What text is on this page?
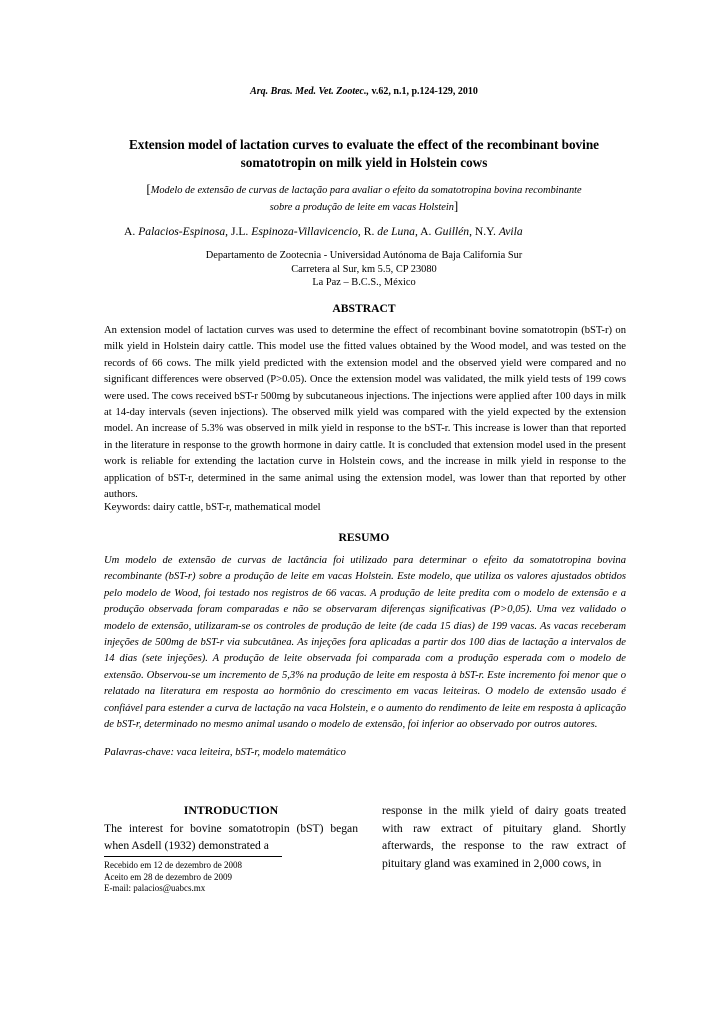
Arq. Bras. Med. Vet. Zootec., v.62, n.1, p.124-129, 2010
Extension model of lactation curves to evaluate the effect of the recombinant bovine
somatotropin on milk yield in Holstein cows
[Modelo de extensão de curvas de lactação para avaliar o efeito da somatotropina bovina recombinante
sobre a produção de leite em vacas Holstein]
A. Palacios-Espinosa, J.L. Espinoza-Villavicencio, R. de Luna, A. Guillén, N.Y. Avila
Departamento de Zootecnia - Universidad Autónoma de Baja California Sur
Carretera al Sur, km 5.5, CP 23080
La Paz – B.C.S., México
ABSTRACT
An extension model of lactation curves was used to determine the effect of recombinant bovine somatotropin (bST-r) on milk yield in Holstein dairy cattle. This model use the fitted values obtained by the Wood model, and was tested on the records of 66 cows. The milk yield predicted with the extension model and the observed yield were compared and no significant differences were observed (P>0.05). Once the extension model was validated, the milk yield tests of 199 cows were used. The cows received bST-r 500mg by subcutaneous injections. The injections were applied after 100 days in milk at 14-day intervals (seven injections). The observed milk yield was compared with the yield expected by the extension model. An increase of 5.3% was observed in milk yield in response to the bST-r. This increase is lower than that reported in the literature in response to the growth hormone in dairy cattle. It is concluded that extension model used in the present work is reliable for extending the lactation curve in Holstein cows, and the increase in milk yield in response to the application of bST-r, determined in the same animal using the extension model, was lower than that reported by other authors.
Keywords: dairy cattle, bST-r, mathematical model
RESUMO
Um modelo de extensão de curvas de lactância foi utilizado para determinar o efeito da somatotropina bovina recombinante (bST-r) sobre a produção de leite em vacas Holstein. Este modelo, que utiliza os valores ajustados obtidos pelo modelo de Wood, foi testado nos registros de 66 vacas. A produção de leite predita com o modelo de extensão e a produção observada foram comparadas e não se observaram diferenças significativas (P>0,05). Uma vez validado o modelo de extensão, utilizaram-se os controles de produção de leite (de cada 15 dias) de 199 vacas. As vacas receberam injeções de 500mg de bST-r via subcutânea. As injeções fora aplicadas a partir dos 100 dias de lactação a intervalos de 14 dias (sete injeções). A produção de leite observada foi comparada com a produção esperada com o modelo de extensão. Observou-se um incremento de 5,3% na produção de leite em resposta à bST-r. Este incremento foi menor que o relatado na literatura em resposta ao hormônio do crescimento em vacas leiteiras. O modelo de extensão usado é confiável para estender a curva de lactação na vaca Holstein, e o aumento do rendimento de leite em resposta à aplicação de bST-r, determinado no mesmo animal usando o modelo de extensão, foi inferior ao observado por outros autores.
Palavras-chave: vaca leiteira, bST-r, modelo matemático
INTRODUCTION
The interest for bovine somatotropin (bST) began when Asdell (1932) demonstrated a
response in the milk yield of dairy goats treated with raw extract of pituitary gland. Shortly afterwards, the response to the raw extract of pituitary gland was examined in 2,000 cows, in
Recebido em 12 de dezembro de 2008
Aceito em 28 de dezembro de 2009
E-mail: palacios@uabcs.mx
